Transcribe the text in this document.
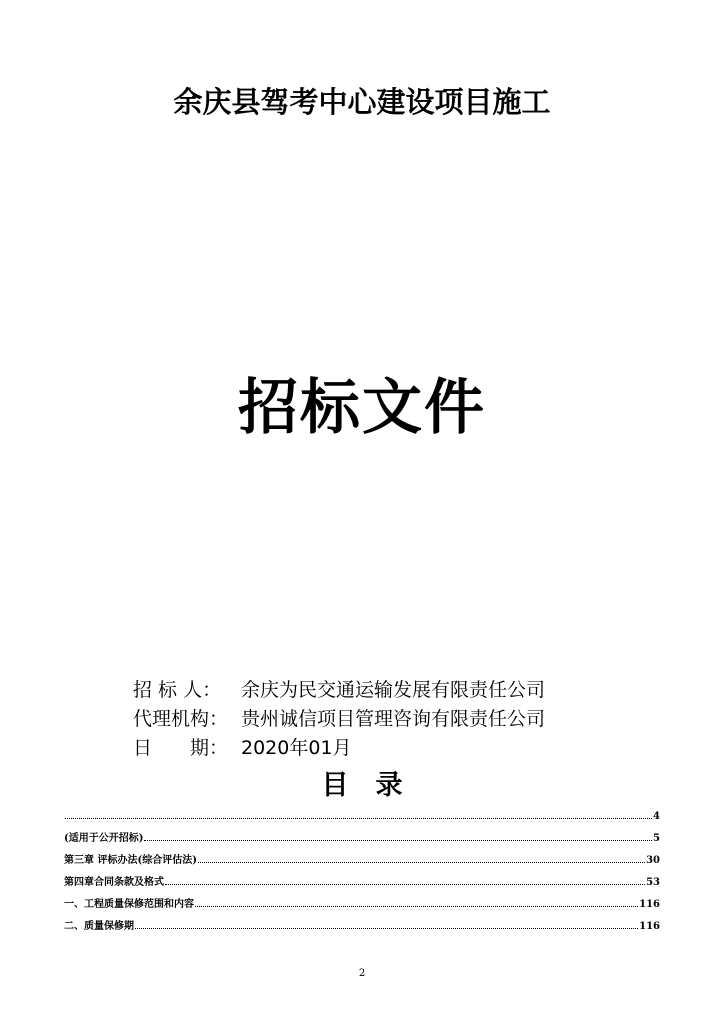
余庆县驾考中心建设项目施工
招标文件
招 标 人： 余庆为民交通运输发展有限责任公司
代理机构： 贵州诚信项目管理咨询有限责任公司
日　　期： 2020年01月
目　录
4
(适用于公开招标)	5
第三章 评标办法(综合评估法)	30
第四章合同条款及格式	53
一、工程质量保修范围和内容	116
二、质量保修期	116
2
